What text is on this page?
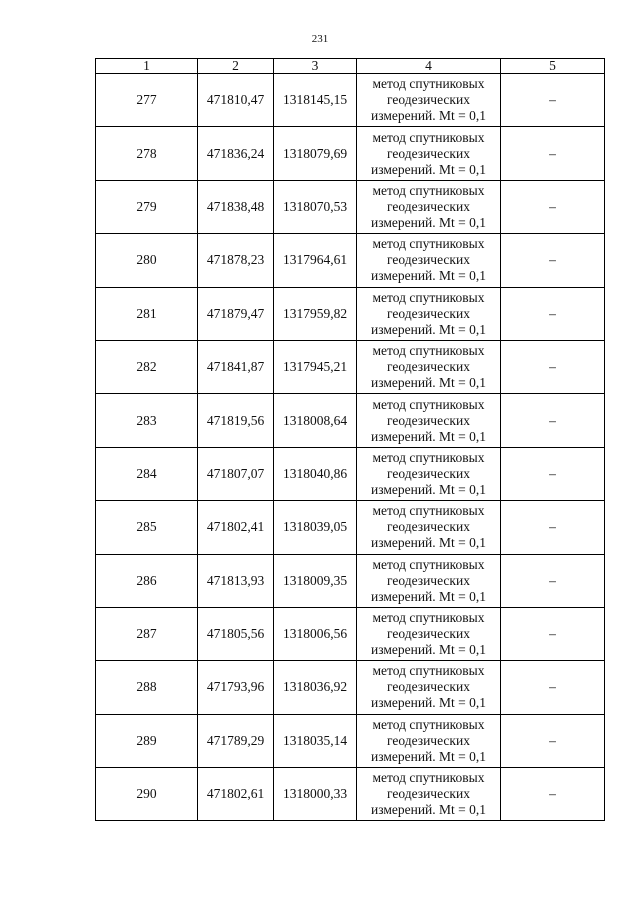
231
1	2	3	4	5
277	471810,47	1318145,15	метод спутниковых
геодезических
измерений. Mt = 0,1	–
278	471836,24	1318079,69	метод спутниковых
геодезических
измерений. Mt = 0,1	–
279	471838,48	1318070,53	метод спутниковых
геодезических
измерений. Mt = 0,1	–
280	471878,23	1317964,61	метод спутниковых
геодезических
измерений. Mt = 0,1	–
281	471879,47	1317959,82	метод спутниковых
геодезических
измерений. Mt = 0,1	–
282	471841,87	1317945,21	метод спутниковых
геодезических
измерений. Mt = 0,1	–
283	471819,56	1318008,64	метод спутниковых
геодезических
измерений. Mt = 0,1	–
284	471807,07	1318040,86	метод спутниковых
геодезических
измерений. Mt = 0,1	–
285	471802,41	1318039,05	метод спутниковых
геодезических
измерений. Mt = 0,1	–
286	471813,93	1318009,35	метод спутниковых
геодезических
измерений. Mt = 0,1	–
287	471805,56	1318006,56	метод спутниковых
геодезических
измерений. Mt = 0,1	–
288	471793,96	1318036,92	метод спутниковых
геодезических
измерений. Mt = 0,1	–
289	471789,29	1318035,14	метод спутниковых
геодезических
измерений. Mt = 0,1	–
290	471802,61	1318000,33	метод спутниковых
геодезических
измерений. Mt = 0,1	–
